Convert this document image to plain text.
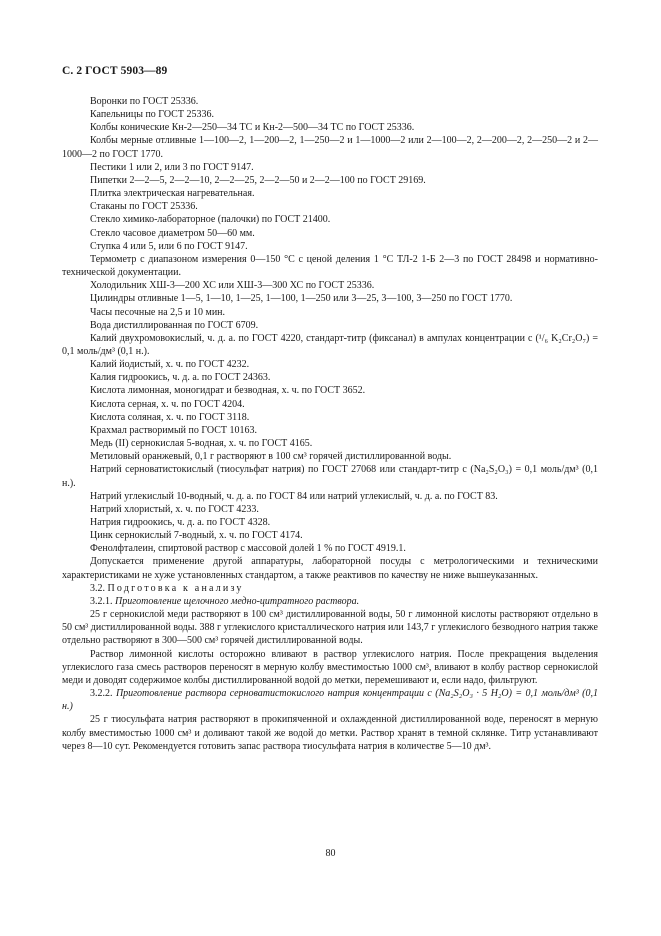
С. 2 ГОСТ 5903—89

Воронки по ГОСТ 25336.

Капельницы по ГОСТ 25336.

Колбы конические Кн-2—250—34 ТС и Кн-2—500—34 ТС по ГОСТ 25336.

Колбы мерные отливные 1—100—2, 1—200—2, 1—250—2 и 1—1000—2 или 2—100—2, 2—200—2, 2—250—2 и 2—1000—2 по ГОСТ 1770.

Пестики 1 или 2, или 3 по ГОСТ 9147.

Пипетки 2—2—5, 2—2—10, 2—2—25, 2—2—50 и 2—2—100 по ГОСТ 29169.

Плитка электрическая нагревательная.

Стаканы по ГОСТ 25336.

Стекло химико-лабораторное (палочки) по ГОСТ 21400.

Стекло часовое диаметром 50—60 мм.

Ступка 4 или 5, или 6 по ГОСТ 9147.

Термометр с диапазоном измерения 0—150 °С с ценой деления 1 °С ТЛ-2 1-Б 2—3 по ГОСТ 28498 и нормативно-технической документации.

Холодильник ХШ-3—200 ХС или ХШ-3—300 ХС по ГОСТ 25336.

Цилиндры отливные 1—5, 1—10, 1—25, 1—100, 1—250 или 3—25, 3—100, 3—250 по ГОСТ 1770.

Часы песочные на 2,5 и 10 мин.

Вода дистиллированная по ГОСТ 6709.

Калий двухромовокислый, ч. д. а. по ГОСТ 4220, стандарт-титр (фиксанал) в ампулах концентрации с (¹/₆ K₂Cr₂O₇) = 0,1 моль/дм³ (0,1 н.).

Калий йодистый, х. ч. по ГОСТ 4232.

Калия гидроокись, ч. д. а. по ГОСТ 24363.

Кислота лимонная, моногидрат и безводная, х. ч. по ГОСТ 3652.

Кислота серная, х. ч. по ГОСТ 4204.

Кислота соляная, х. ч. по ГОСТ 3118.

Крахмал растворимый по ГОСТ 10163.

Медь (II) сернокислая 5-водная, х. ч. по ГОСТ 4165.

Метиловый оранжевый, 0,1 г растворяют в 100 см³ горячей дистиллированной воды.

Натрий серноватистокислый (тиосульфат натрия) по ГОСТ 27068 или стандарт-титр с (Na₂S₂O₃) = 0,1 моль/дм³ (0,1 н.).

Натрий углекислый 10-водный, ч. д. а. по ГОСТ 84 или натрий углекислый, ч. д. а. по ГОСТ 83.

Натрий хлористый, х. ч. по ГОСТ 4233.

Натрия гидроокись, ч. д. а. по ГОСТ 4328.

Цинк сернокислый 7-водный, х. ч. по ГОСТ 4174.

Фенолфталеин, спиртовой раствор с массовой долей 1 % по ГОСТ 4919.1.

Допускается применение другой аппаратуры, лабораторной посуды с метрологическими и техническими характеристиками не хуже установленных стандартом, а также реактивов по качеству не ниже вышеуказанных.

3.2. Подготовка к анализу

3.2.1. Приготовление щелочного медно-цитратного раствора.

25 г сернокислой меди растворяют в 100 см³ дистиллированной воды, 50 г лимонной кислоты растворяют отдельно в 50 см³ дистиллированной воды. 388 г углекислого кристаллического натрия или 143,7 г углекислого безводного натрия также отдельно растворяют в 300—500 см³ горячей дистиллированной воды.

Раствор лимонной кислоты осторожно вливают в раствор углекислого натрия. После прекращения выделения углекислого газа смесь растворов переносят в мерную колбу вместимостью 1000 см³, вливают в колбу раствор сернокислой меди и доводят содержимое колбы дистиллированной водой до метки, перемешивают и, если надо, фильтруют.

3.2.2. Приготовление раствора серноватистокислого натрия концентрации с (Na₂S₂O₃ · 5 H₂O) = 0,1 моль/дм³ (0,1 н.)

25 г тиосульфата натрия растворяют в прокипяченной и охлажденной дистиллированной воде, переносят в мерную колбу вместимостью 1000 см³ и доливают такой же водой до метки. Раствор хранят в темной склянке. Титр устанавливают через 8—10 сут. Рекомендуется готовить запас раствора тиосульфата натрия в количестве 5—10 дм³.

80
